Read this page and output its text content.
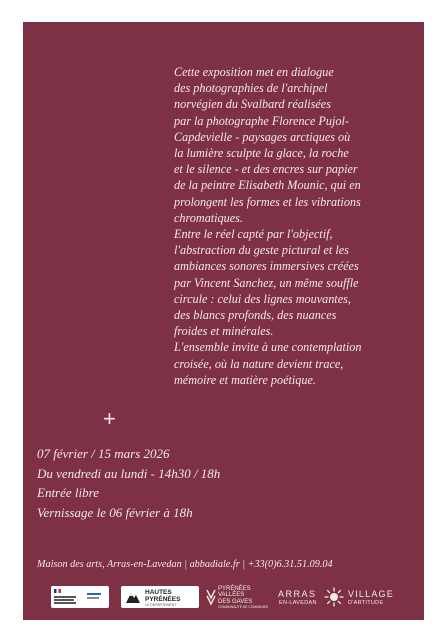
Cette exposition met en dialogue
des photographies de l'archipel
norvégien du Svalbard réalisées
par la photographe Florence Pujol-
Capdevielle - paysages arctiques où
la lumière sculpte la glace, la roche
et le silence - et des encres sur papier
de la peintre Elisabeth Mounic, qui en
prolongent les formes et les vibrations
chromatiques.

Entre le réel capté par l'objectif,
l'abstraction du geste pictural et les
ambiances sonores immersives créées
par Vincent Sanchez, un même souffle
circule : celui des lignes mouvantes,
des blancs profonds, des nuances
froides et minérales.

L'ensemble invite à une contemplation
croisée, où la nature devient trace,
mémoire et matière poétique.

+
07 février / 15 mars 2026
Du vendredi au lundi - 14h30 / 18h
Entrée libre
Vernissage le 06 février à 18h
Maison des arts, Arras-en-Lavedan | abbadiale.fr | +33(0)6.31.51.09.04
HAUTES
PYRÉNÉES
LE DÉPARTEMENT
PYRÉNÉES
VALLÉES
DES GAVES
COMMUNAUTÉ DE COMMUNES
ARRAS
EN-LAVEDAN
VILLAGE
D'ARTITUDE
